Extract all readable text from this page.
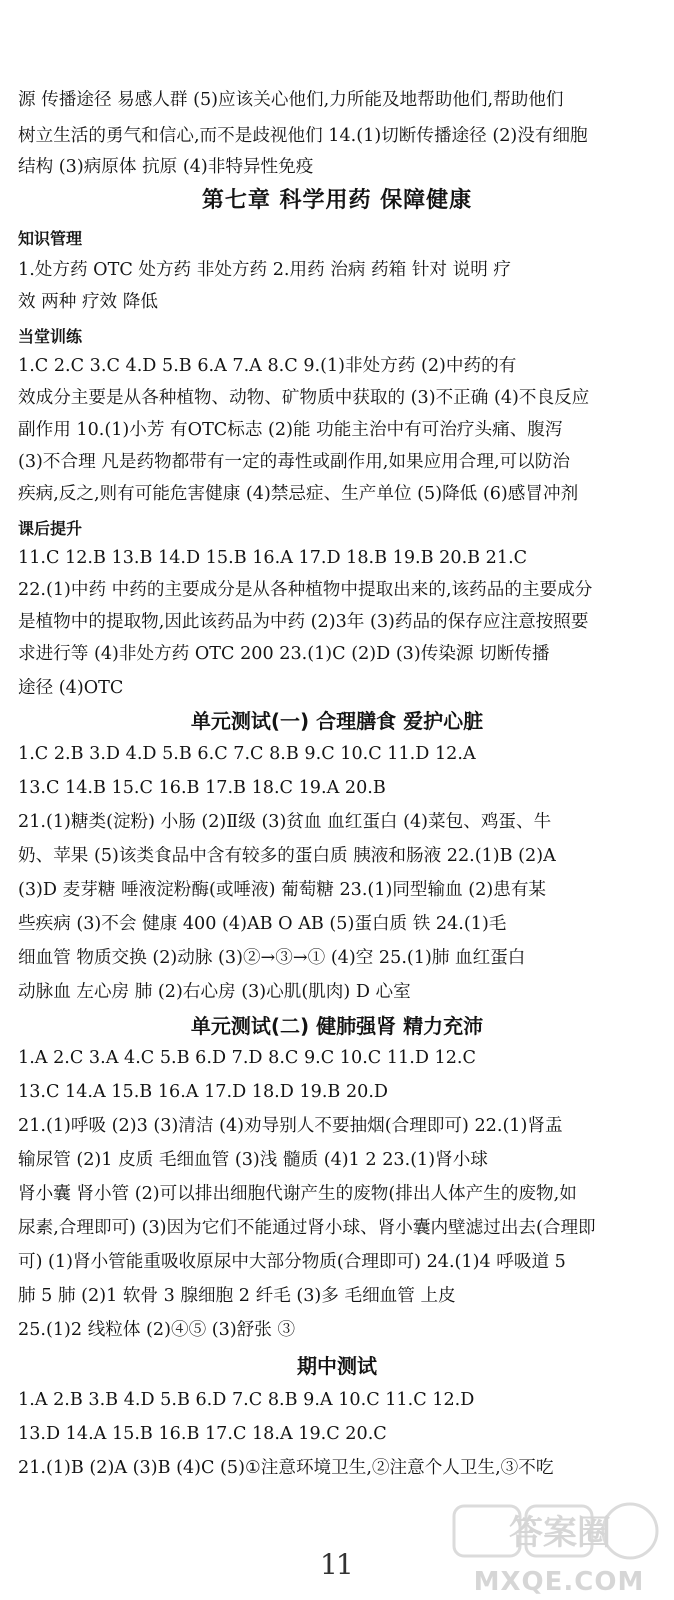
源 传播途径 易感人群 (5)应该关心他们,力所能及地帮助他们,帮助他们
树立生活的勇气和信心,而不是歧视他们 14.(1)切断传播途径 (2)没有细胞
结构 (3)病原体 抗原 (4)非特异性免疫
第七章 科学用药 保障健康
知识管理
1.处方药 OTC 处方药 非处方药 2.用药 治病 药箱 针对 说明 疗
效 两种 疗效 降低
当堂训练
1.C 2.C 3.C 4.D 5.B 6.A 7.A 8.C 9.(1)非处方药 (2)中药的有
效成分主要是从各种植物、动物、矿物质中获取的 (3)不正确 (4)不良反应
副作用 10.(1)小芳 有OTC标志 (2)能 功能主治中有可治疗头痛、腹泻
(3)不合理 凡是药物都带有一定的毒性或副作用,如果应用合理,可以防治
疾病,反之,则有可能危害健康 (4)禁忌症、生产单位 (5)降低 (6)感冒冲剂
课后提升
11.C 12.B 13.B 14.D 15.B 16.A 17.D 18.B 19.B 20.B 21.C
22.(1)中药 中药的主要成分是从各种植物中提取出来的,该药品的主要成分
是植物中的提取物,因此该药品为中药 (2)3年 (3)药品的保存应注意按照要
求进行等 (4)非处方药 OTC 200 23.(1)C (2)D (3)传染源 切断传播
途径 (4)OTC
单元测试(一) 合理膳食 爱护心脏
1.C 2.B 3.D 4.D 5.B 6.C 7.C 8.B 9.C 10.C 11.D 12.A
13.C 14.B 15.C 16.B 17.B 18.C 19.A 20.B
21.(1)糖类(淀粉) 小肠 (2)Ⅱ级 (3)贫血 血红蛋白 (4)菜包、鸡蛋、牛
奶、苹果 (5)该类食品中含有较多的蛋白质 胰液和肠液 22.(1)B (2)A
(3)D 麦芽糖 唾液淀粉酶(或唾液) 葡萄糖 23.(1)同型输血 (2)患有某
些疾病 (3)不会 健康 400 (4)AB O AB (5)蛋白质 铁 24.(1)毛
细血管 物质交换 (2)动脉 (3)②→③→① (4)空 25.(1)肺 血红蛋白
动脉血 左心房 肺 (2)右心房 (3)心肌(肌肉) D 心室
单元测试(二) 健肺强肾 精力充沛
1.A 2.C 3.A 4.C 5.B 6.D 7.D 8.C 9.C 10.C 11.D 12.C
13.C 14.A 15.B 16.A 17.D 18.D 19.B 20.D
21.(1)呼吸 (2)3 (3)清洁 (4)劝导别人不要抽烟(合理即可) 22.(1)肾盂
输尿管 (2)1 皮质 毛细血管 (3)浅 髓质 (4)1 2 23.(1)肾小球
肾小囊 肾小管 (2)可以排出细胞代谢产生的废物(排出人体产生的废物,如
尿素,合理即可) (3)因为它们不能通过肾小球、肾小囊内壁滤过出去(合理即
可) (1)肾小管能重吸收原尿中大部分物质(合理即可) 24.(1)4 呼吸道 5
肺 5 肺 (2)1 软骨 3 腺细胞 2 纤毛 (3)多 毛细血管 上皮
25.(1)2 线粒体 (2)④⑤ (3)舒张 ③
期中测试
1.A 2.B 3.B 4.D 5.B 6.D 7.C 8.B 9.A 10.C 11.C 12.D
13.D 14.A 15.B 16.B 17.C 18.A 19.C 20.C
21.(1)B (2)A (3)B (4)C (5)①注意环境卫生,②注意个人卫生,③不吃
11
答案圈
MXQE.COM
